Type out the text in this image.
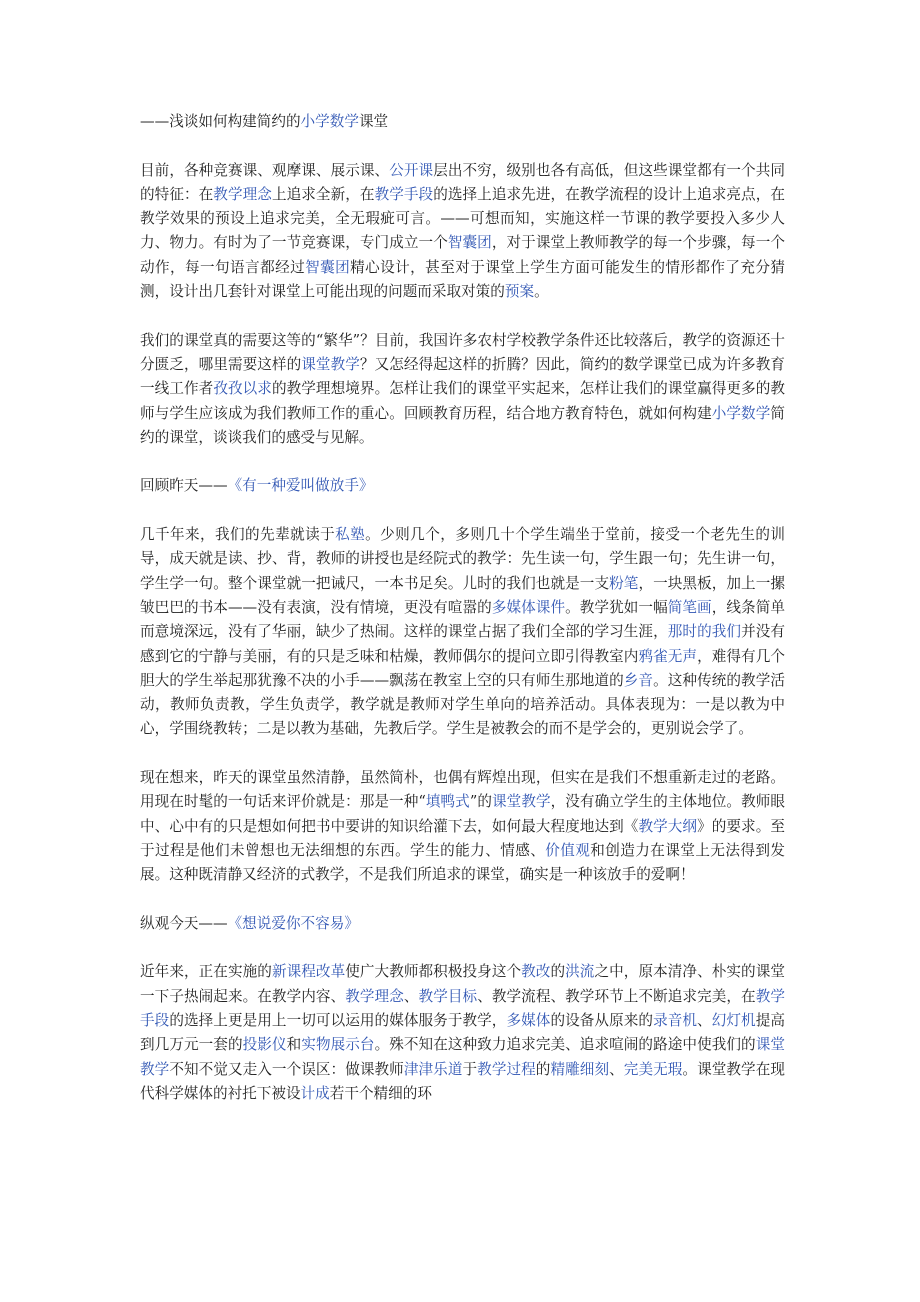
——浅谈如何构建简约的小学数学课堂
目前，各种竞赛课、观摩课、展示课、公开课层出不穷，级别也各有高低，但这些课堂都有一个共同的特征：在教学理念上追求全新，在教学手段的选择上追求先进，在教学流程的设计上追求亮点，在教学效果的预设上追求完美，全无瑕疵可言。——可想而知，实施这样一节课的教学要投入多少人力、物力。有时为了一节竞赛课，专门成立一个智囊团，对于课堂上教师教学的每一个步骤，每一个动作，每一句语言都经过智囊团精心设计，甚至对于课堂上学生方面可能发生的情形都作了充分猜测，设计出几套针对课堂上可能出现的问题而采取对策的预案。
我们的课堂真的需要这等的“繁华”？目前，我国许多农村学校教学条件还比较落后，教学的资源还十分匮乏，哪里需要这样的课堂教学？又怎经得起这样的折腾？因此，简约的数学课堂已成为许多教育一线工作者孜孜以求的教学理想境界。怎样让我们的课堂平实起来，怎样让我们的课堂赢得更多的教师与学生应该成为我们教师工作的重心。回顾教育历程，结合地方教育特色，就如何构建小学数学简约的课堂，谈谈我们的感受与见解。
回顾昨天——《有一种爱叫做放手》
几千年来，我们的先辈就读于私塾。少则几个，多则几十个学生端坐于堂前，接受一个老先生的训导，成天就是读、抄、背，教师的讲授也是经院式的教学：先生读一句，学生跟一句；先生讲一句，学生学一句。整个课堂就一把诫尺，一本书足矣。儿时的我们也就是一支粉笔，一块黑板，加上一摞皱巴巴的书本——没有表演，没有情境，更没有喧嚣的多媒体课件。教学犹如一幅简笔画，线条简单而意境深远，没有了华丽，缺少了热闹。这样的课堂占据了我们全部的学习生涯，那时的我们并没有感到它的宁静与美丽，有的只是乏味和枯燥，教师偶尔的提问立即引得教室内鸦雀无声，难得有几个胆大的学生举起那犹豫不决的小手——飘荡在教室上空的只有师生那地道的乡音。这种传统的教学活动，教师负责教，学生负责学，教学就是教师对学生单向的培养活动。具体表现为：一是以教为中心，学围绕教转；二是以教为基础，先教后学。学生是被教会的而不是学会的，更别说会学了。
现在想来，昨天的课堂虽然清静，虽然简朴，也偶有辉煌出现，但实在是我们不想重新走过的老路。用现在时髦的一句话来评价就是：那是一种“填鸭式”的课堂教学，没有确立学生的主体地位。教师眼中、心中有的只是想如何把书中要讲的知识给灌下去，如何最大程度地达到《教学大纲》的要求。至于过程是他们未曾想也无法细想的东西。学生的能力、情感、价值观和创造力在课堂上无法得到发展。这种既清静又经济的式教学，不是我们所追求的课堂，确实是一种该放手的爱啊！
纵观今天——《想说爱你不容易》
近年来，正在实施的新课程改革使广大教师都积极投身这个教改的洪流之中，原本清净、朴实的课堂一下子热闹起来。在教学内容、教学理念、教学目标、教学流程、教学环节上不断追求完美，在教学手段的选择上更是用上一切可以运用的媒体服务于教学，多媒体的设备从原来的录音机、幻灯机提高到几万元一套的投影仪和实物展示台。殊不知在这种致力追求完美、追求喧闹的路途中使我们的课堂教学不知不觉又走入一个误区：做课教师津津乐道于教学过程的精雕细刻、完美无瑕。课堂教学在现代科学媒体的衬托下被设计成若干个精细的环
